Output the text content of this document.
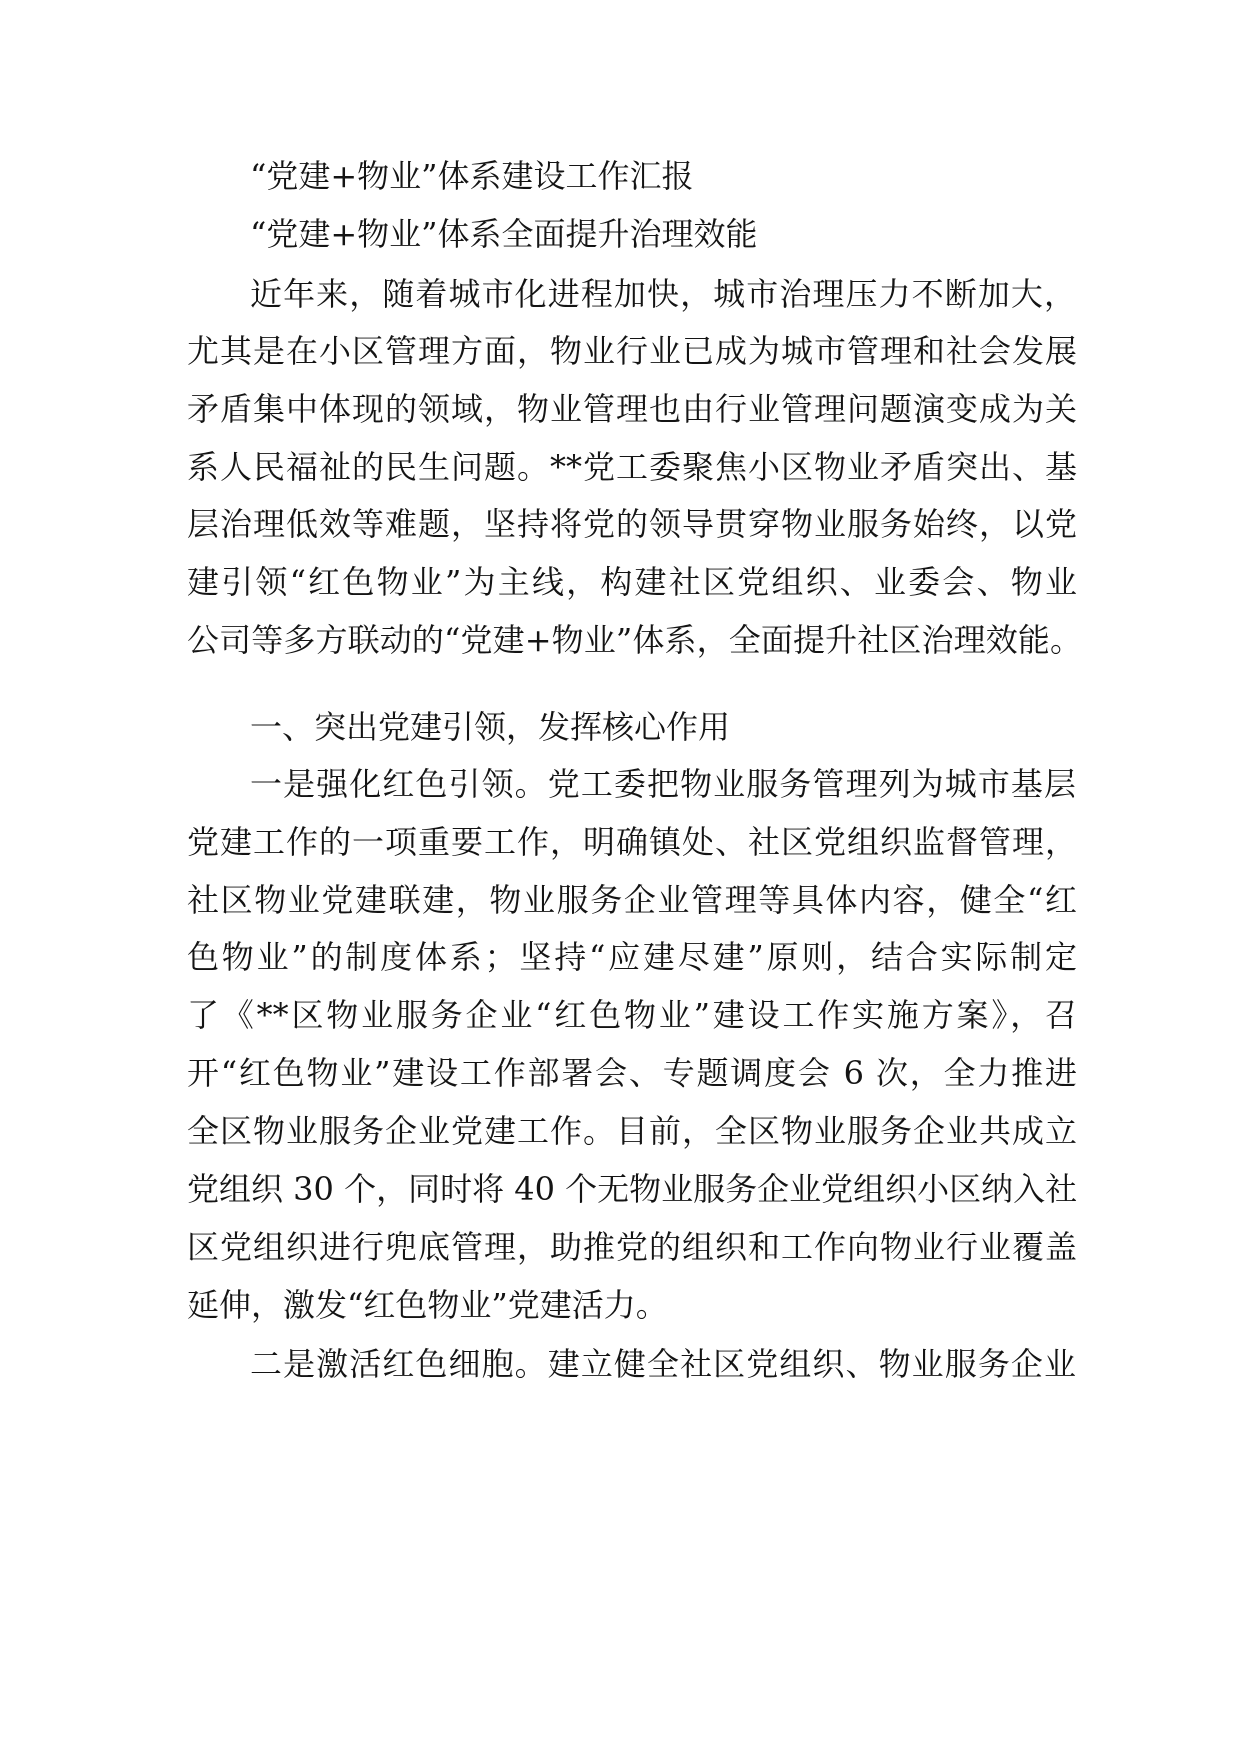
“党建+物业”体系建设工作汇报
“党建+物业”体系全面提升治理效能
近年来，随着城市化进程加快，城市治理压力不断加大，
尤其是在小区管理方面，物业行业已成为城市管理和社会发展
矛盾集中体现的领域，物业管理也由行业管理问题演变成为关
系人民福祉的民生问题。**党工委聚焦小区物业矛盾突出、基
层治理低效等难题，坚持将党的领导贯穿物业服务始终，以党
建引领“红色物业”为主线，构建社区党组织、业委会、物业
公司等多方联动的“党建+物业”体系，全面提升社区治理效能。
一、突出党建引领，发挥核心作用
一是强化红色引领。党工委把物业服务管理列为城市基层
党建工作的一项重要工作，明确镇处、社区党组织监督管理，
社区物业党建联建，物业服务企业管理等具体内容，健全“红
色物业”的制度体系；坚持“应建尽建”原则，结合实际制定
了《**区物业服务企业“红色物业”建设工作实施方案》，召
开“红色物业”建设工作部署会、专题调度会 6 次，全力推进
全区物业服务企业党建工作。目前，全区物业服务企业共成立
党组织 30 个，同时将 40 个无物业服务企业党组织小区纳入社
区党组织进行兜底管理，助推党的组织和工作向物业行业覆盖
延伸，激发“红色物业”党建活力。
二是激活红色细胞。建立健全社区党组织、物业服务企业
